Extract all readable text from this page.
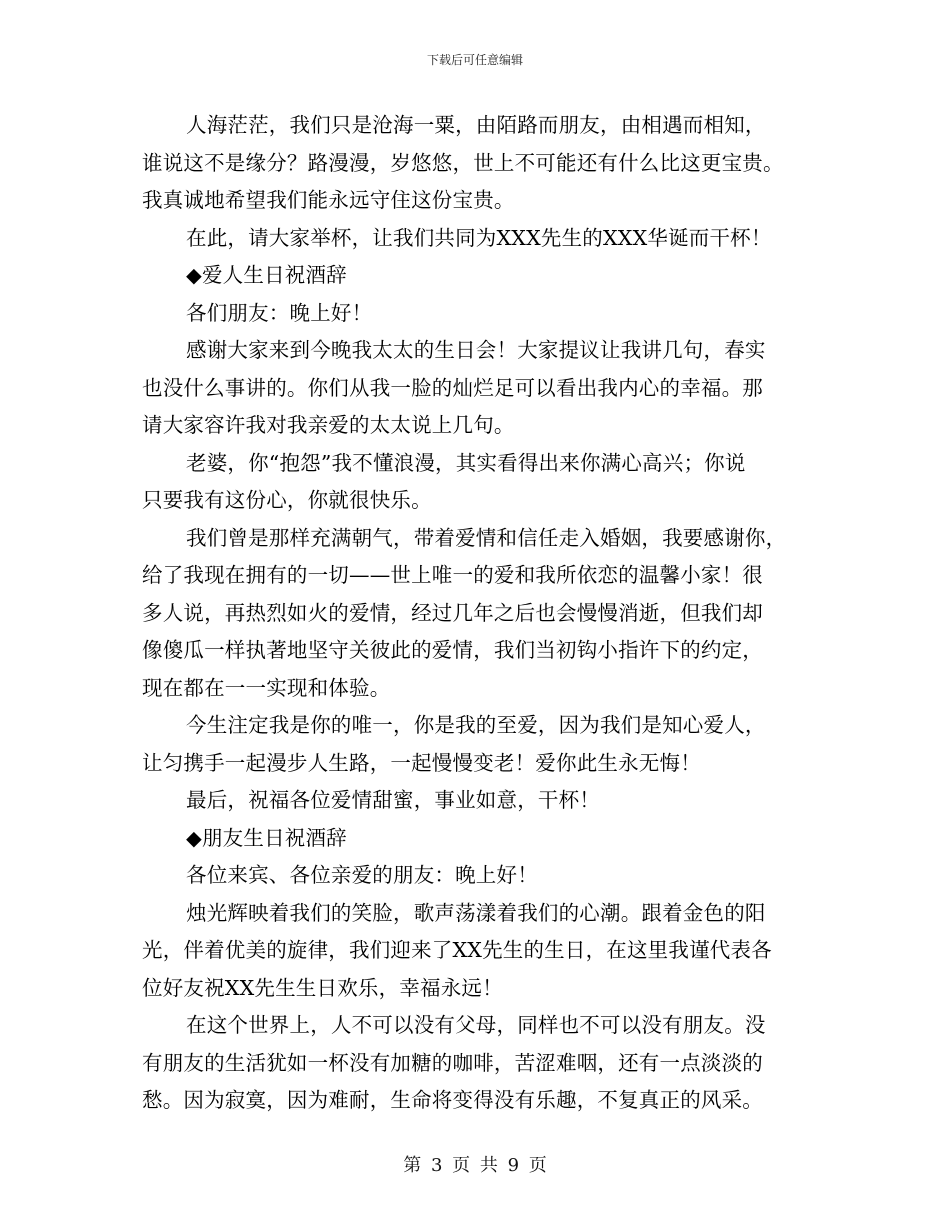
下载后可任意编辑
人海茫茫，我们只是沧海一粟，由陌路而朋友，由相遇而相知，
谁说这不是缘分？路漫漫，岁悠悠，世上不可能还有什么比这更宝贵。
我真诚地希望我们能永远守住这份宝贵。
在此，请大家举杯，让我们共同为XXX先生的XXX华诞而干杯！
◆爱人生日祝酒辞
各们朋友：晚上好！
感谢大家来到今晚我太太的生日会！大家提议让我讲几句，春实
也没什么事讲的。你们从我一脸的灿烂足可以看出我内心的幸福。那
请大家容许我对我亲爱的太太说上几句。
老婆，你“抱怨”我不懂浪漫，其实看得出来你满心高兴；你说
只要我有这份心，你就很快乐。
我们曾是那样充满朝气，带着爱情和信任走入婚姻，我要感谢你，
给了我现在拥有的一切——世上唯一的爱和我所依恋的温馨小家！很
多人说，再热烈如火的爱情，经过几年之后也会慢慢消逝，但我们却
像傻瓜一样执著地坚守关彼此的爱情，我们当初钩小指许下的约定，
现在都在一一实现和体验。
今生注定我是你的唯一，你是我的至爱，因为我们是知心爱人，
让匀携手一起漫步人生路，一起慢慢变老！爱你此生永无悔！
最后，祝福各位爱情甜蜜，事业如意，干杯！
◆朋友生日祝酒辞
各位来宾、各位亲爱的朋友：晚上好！
烛光辉映着我们的笑脸，歌声荡漾着我们的心潮。跟着金色的阳
光，伴着优美的旋律，我们迎来了XX先生的生日，在这里我谨代表各
位好友祝XX先生生日欢乐，幸福永远！
在这个世界上，人不可以没有父母，同样也不可以没有朋友。没
有朋友的生活犹如一杯没有加糖的咖啡，苦涩难咽，还有一点淡淡的
愁。因为寂寞，因为难耐，生命将变得没有乐趣，不复真正的风采。
第 3 页 共 9 页
